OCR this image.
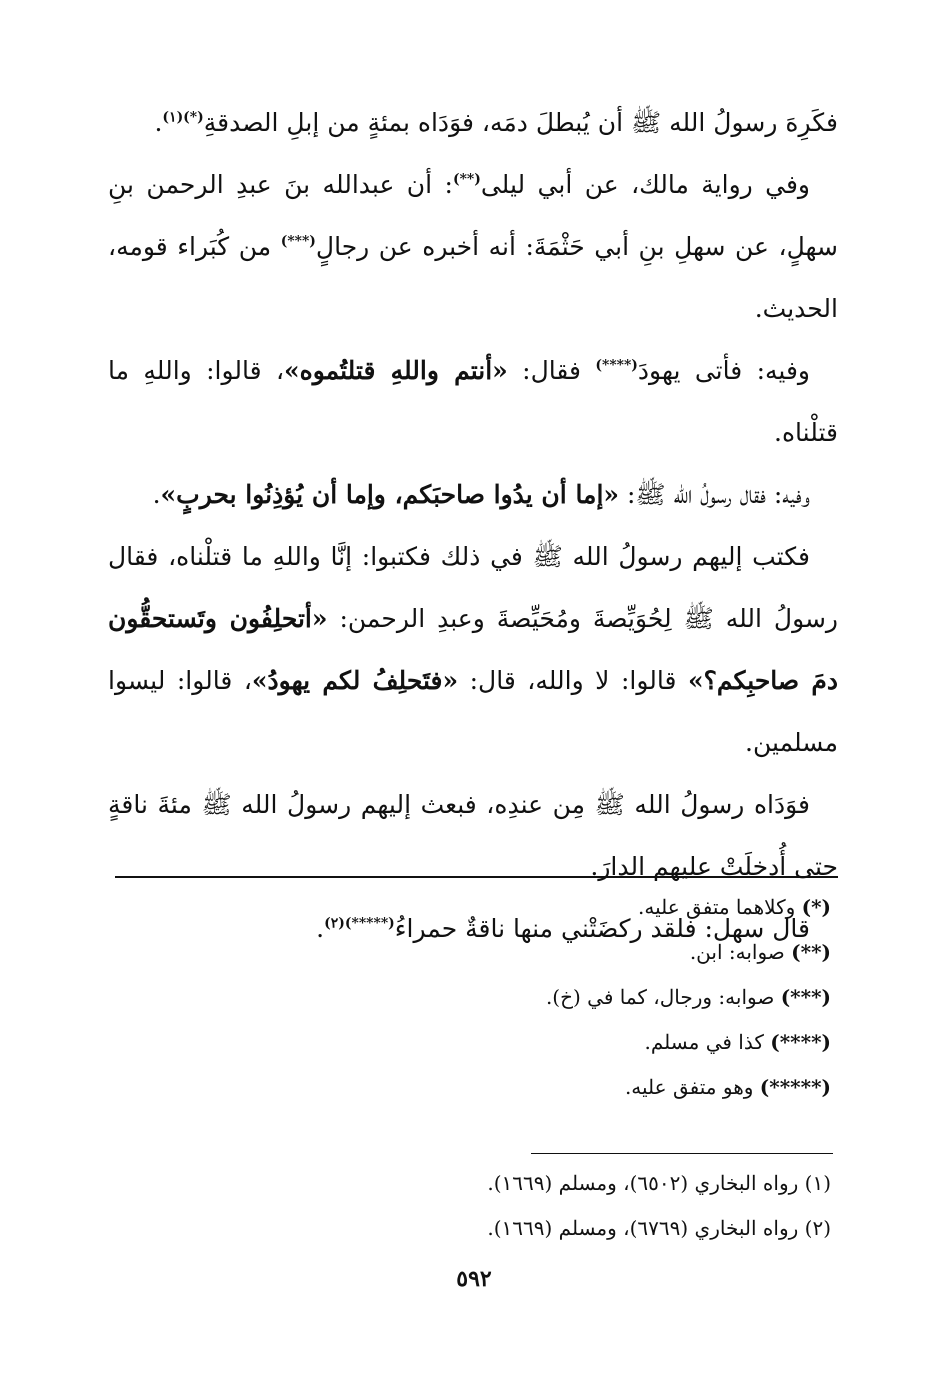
فكَرِهَ رسولُ الله ﷺ أن يُبطلَ دمَه، فوَدَاه بمئةٍ من إبلِ الصدقةِ$^{(*)(١)}$.

وفي رواية مالك، عن أبي ليلى(**): أن عبدالله بنَ عبدِ الرحمن بنِ سهلٍ، عن سهلِ بنِ أبي حَثْمَةَ: أنه أخبره عن رجالٍ(***) من كُبَراء قومه، الحديث.

وفيه: فأتى يهودَ(****) فقال: «أنتم واللهِ قتلتُموه»، قالوا: واللهِ ما قتلْناه.

وفيه: فقال رسولُ الله ﷺ: «إما أن يدُوا صاحبَكم، وإما أن يُؤذِنُوا بحربٍ».

فكتب إليهم رسولُ الله ﷺ في ذلك فكتبوا: إنَّا واللهِ ما قتلْناه، فقال رسولُ الله ﷺ لِحُوَيِّصةَ ومُحَيِّصةَ وعبدِ الرحمن: «أتحلِفُون وتَستحقُّون دمَ صاحبِكم؟» قالوا: لا والله، قال: «فتَحلِفُ لكم يهودُ»، قالوا: ليسوا مسلمين.

فوَدَاه رسولُ الله ﷺ مِن عندِه، فبعث إليهم رسولُ الله ﷺ مئةَ ناقةٍ حتى أُدخلَتْ عليهم الدارَ.

قال سهل: فلقد ركضَتْني منها ناقةٌ حمراءُ$^{(*****)(٢)}$.

(*) وكلاهما متفق عليه.
(**) صوابه: ابن.
(***) صوابه: ورجال، كما في (خ).
(****) كذا في مسلم.
(*****) وهو متفق عليه.
(١) رواه البخاري (٦٥٠٢)، ومسلم (١٦٦٩).
(٢) رواه البخاري (٦٧٦٩)، ومسلم (١٦٦٩).
٥٩٢
